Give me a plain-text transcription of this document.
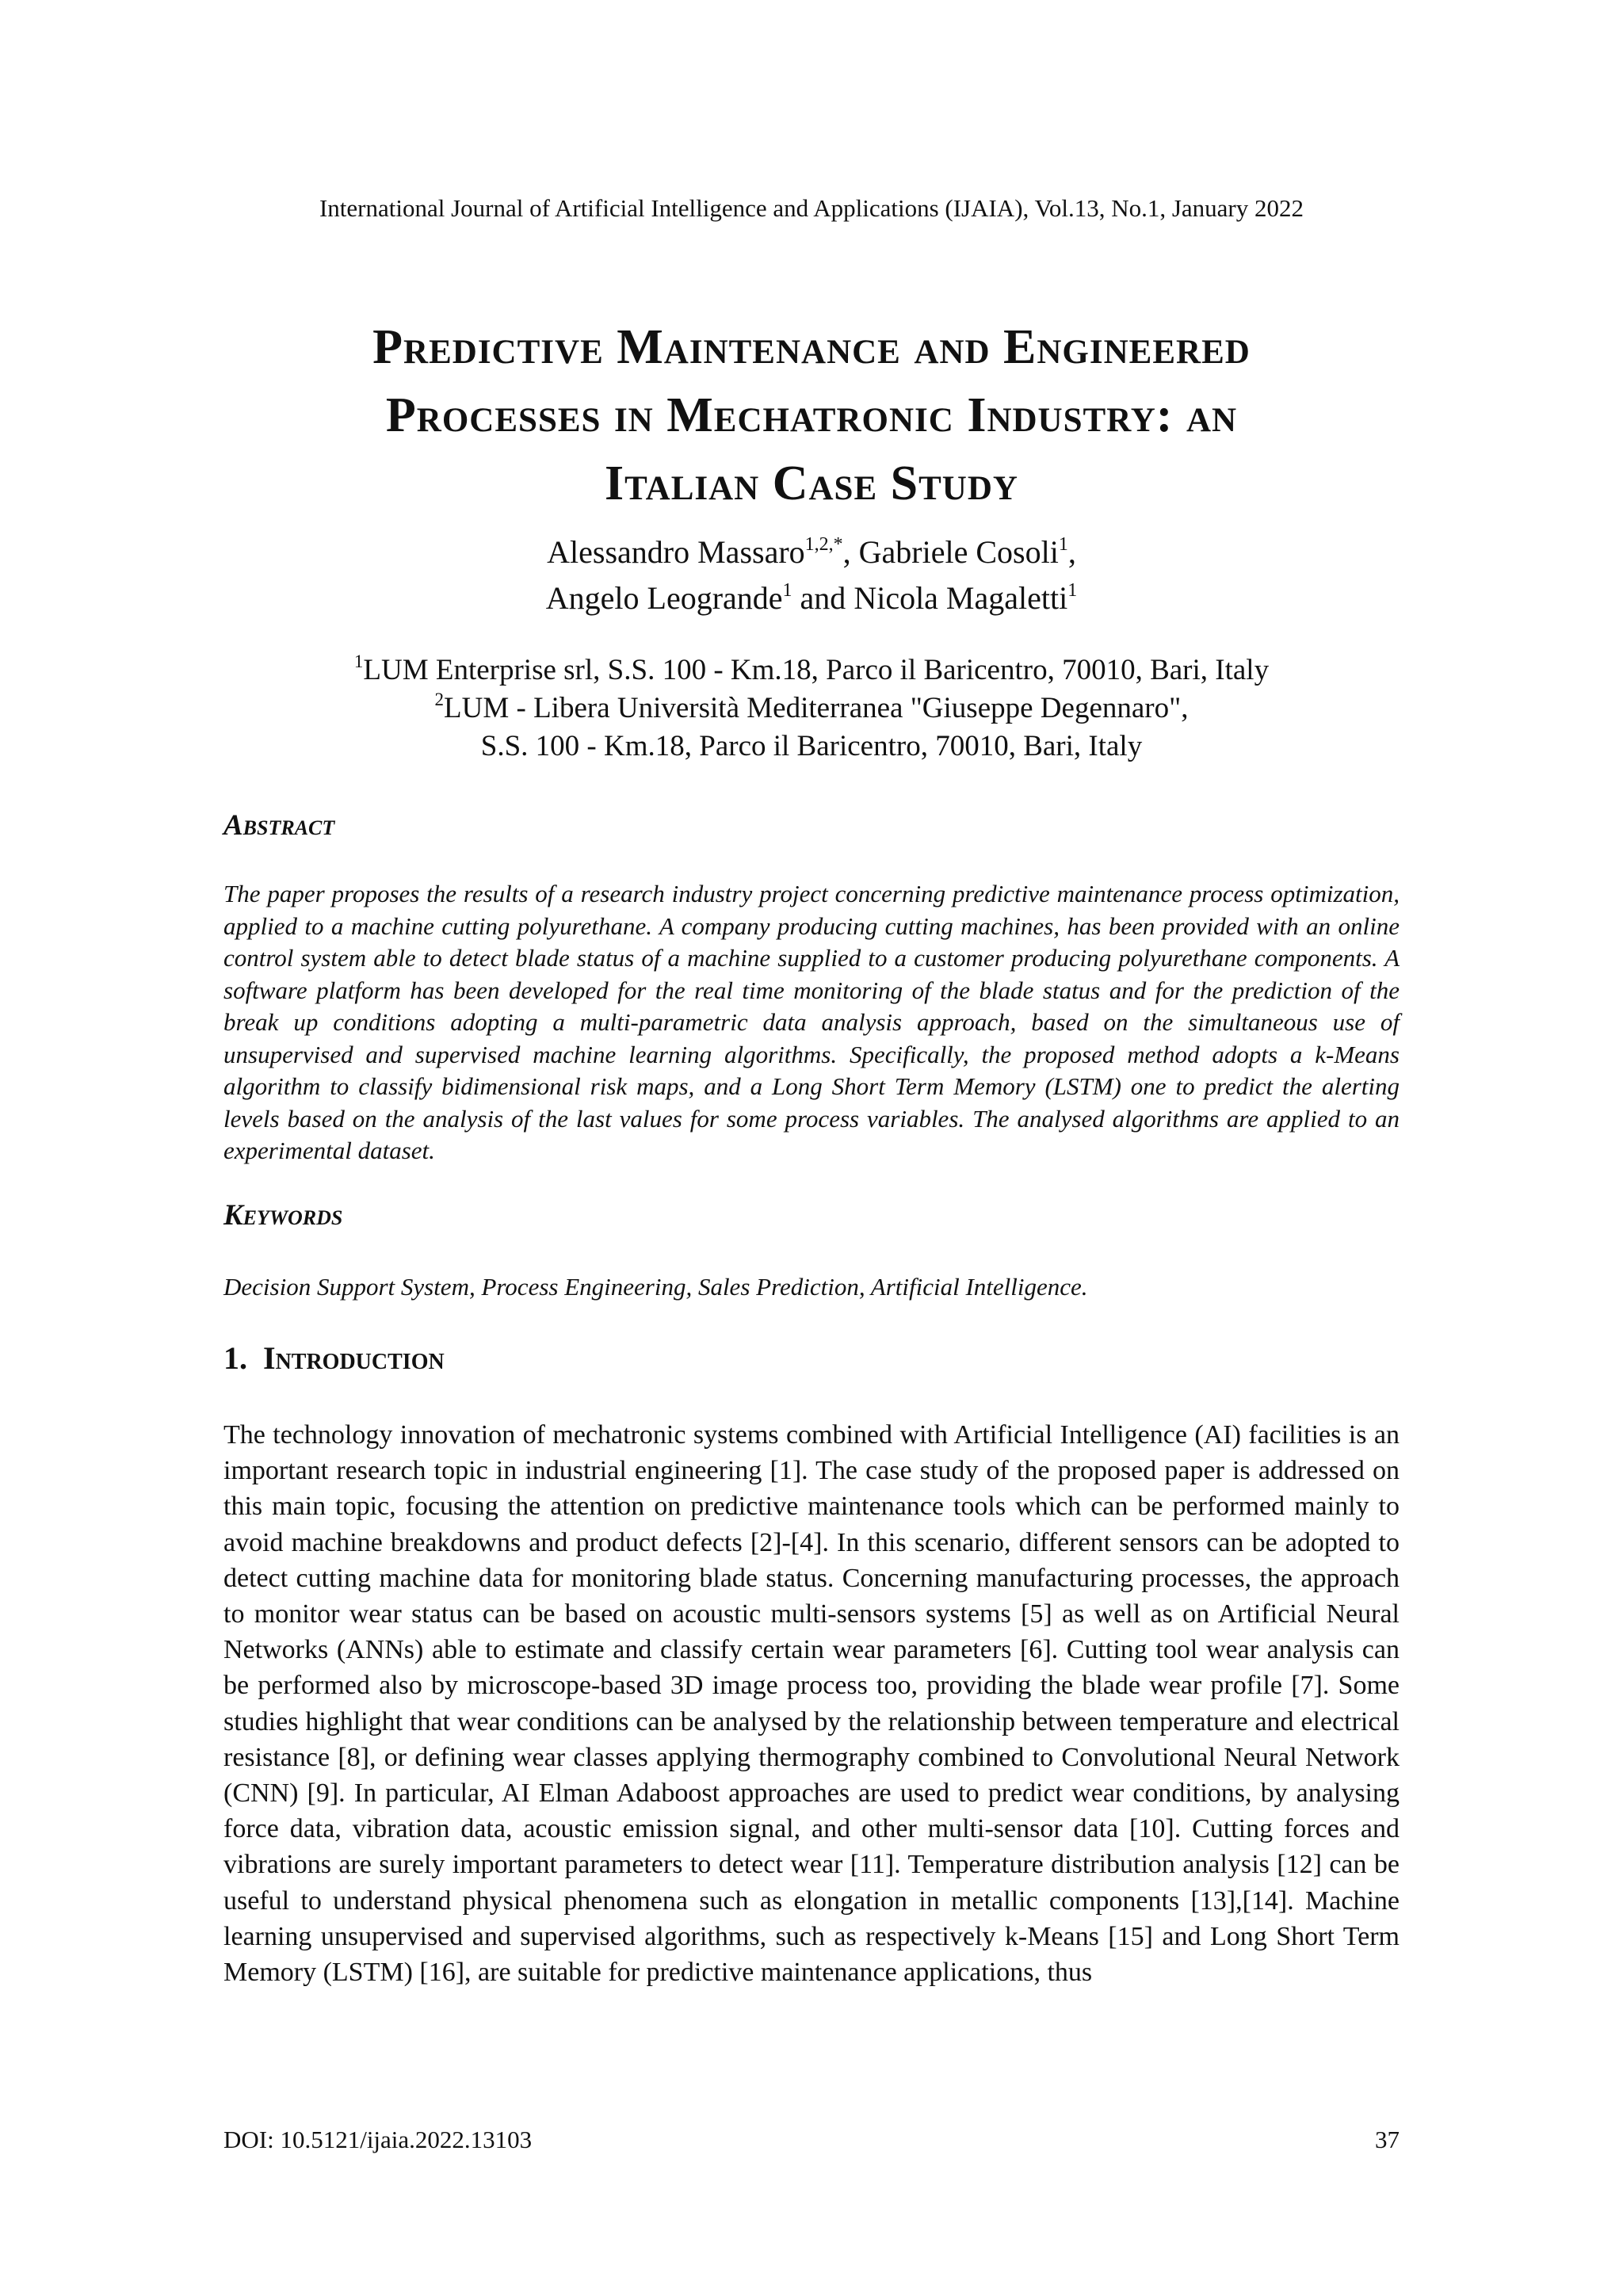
International Journal of Artificial Intelligence and Applications (IJAIA), Vol.13, No.1, January 2022
Predictive Maintenance and Engineered
Processes in Mechatronic Industry: an
Italian Case Study
Alessandro Massaro$^{1,2,*}$, Gabriele Cosoli$^1$,
Angelo Leogrande$^1$ and Nicola Magaletti$^1$
$^1$LUM Enterprise srl, S.S. 100 - Km.18, Parco il Baricentro, 70010, Bari, Italy
$^2$LUM - Libera Università Mediterranea "Giuseppe Degennaro",
S.S. 100 - Km.18, Parco il Baricentro, 70010, Bari, Italy
Abstract
The paper proposes the results of a research industry project concerning predictive maintenance process optimization, applied to a machine cutting polyurethane. A company producing cutting machines, has been provided with an online control system able to detect blade status of a machine supplied to a customer producing polyurethane components. A software platform has been developed for the real time monitoring of the blade status and for the prediction of the break up conditions adopting a multi-parametric data analysis approach, based on the simultaneous use of unsupervised and supervised machine learning algorithms. Specifically, the proposed method adopts a k-Means algorithm to classify bidimensional risk maps, and a Long Short Term Memory (LSTM) one to predict the alerting levels based on the analysis of the last values for some process variables. The analysed algorithms are applied to an experimental dataset.
Keywords
Decision Support System, Process Engineering, Sales Prediction, Artificial Intelligence.
1. Introduction
The technology innovation of mechatronic systems combined with Artificial Intelligence (AI) facilities is an important research topic in industrial engineering [1]. The case study of the proposed paper is addressed on this main topic, focusing the attention on predictive maintenance tools which can be performed mainly to avoid machine breakdowns and product defects [2]-[4]. In this scenario, different sensors can be adopted to detect cutting machine data for monitoring blade status. Concerning manufacturing processes, the approach to monitor wear status can be based on acoustic multi-sensors systems [5] as well as on Artificial Neural Networks (ANNs) able to estimate and classify certain wear parameters [6]. Cutting tool wear analysis can be performed also by microscope-based 3D image process too, providing the blade wear profile [7]. Some studies highlight that wear conditions can be analysed by the relationship between temperature and electrical resistance [8], or defining wear classes applying thermography combined to Convolutional Neural Network (CNN) [9]. In particular, AI Elman Adaboost approaches are used to predict wear conditions, by analysing force data, vibration data, acoustic emission signal, and other multi-sensor data [10]. Cutting forces and vibrations are surely important parameters to detect wear [11]. Temperature distribution analysis [12] can be useful to understand physical phenomena such as elongation in metallic components [13],[14]. Machine learning unsupervised and supervised algorithms, such as respectively k-Means [15] and Long Short Term Memory (LSTM) [16], are suitable for predictive maintenance applications, thus
DOI: 10.5121/ijaia.2022.13103	37
